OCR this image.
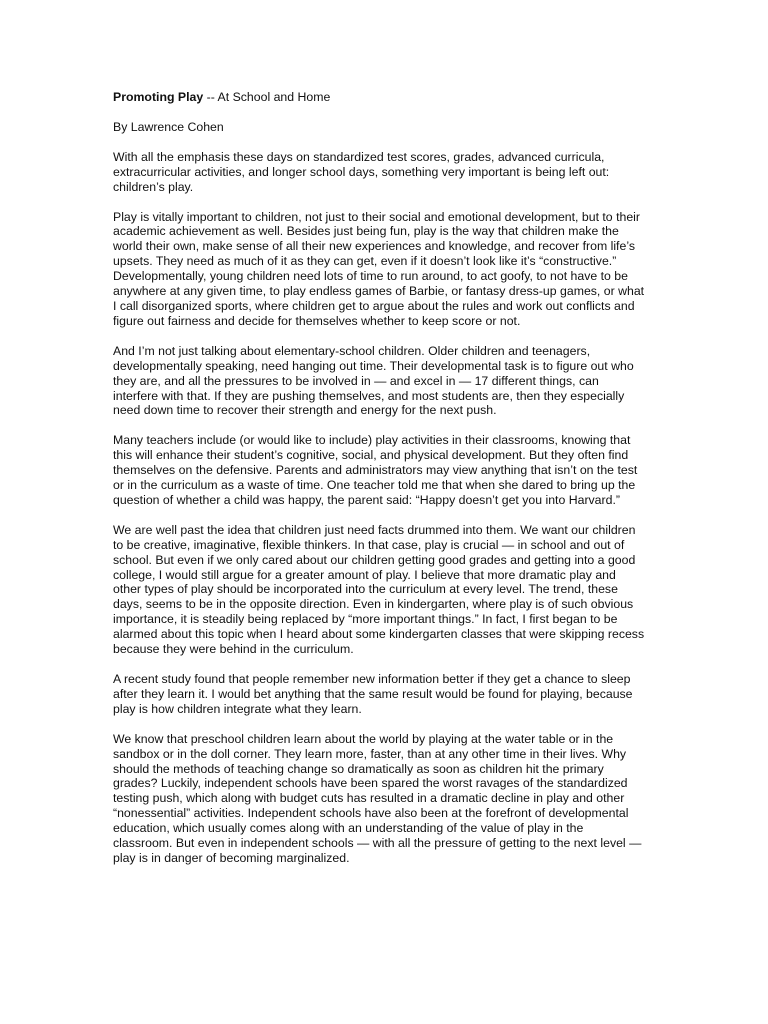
Promoting Play -- At School and Home
By Lawrence Cohen
With all the emphasis these days on standardized test scores, grades, advanced curricula,
extracurricular activities, and longer school days, something very important is being left out:
children’s play.
Play is vitally important to children, not just to their social and emotional development, but to their
academic achievement as well. Besides just being fun, play is the way that children make the
world their own, make sense of all their new experiences and knowledge, and recover from life’s
upsets. They need as much of it as they can get, even if it doesn’t look like it’s “constructive.”
Developmentally, young children need lots of time to run around, to act goofy, to not have to be
anywhere at any given time, to play endless games of Barbie, or fantasy dress-up games, or what
I call disorganized sports, where children get to argue about the rules and work out conflicts and
figure out fairness and decide for themselves whether to keep score or not.
And I’m not just talking about elementary-school children. Older children and teenagers,
developmentally speaking, need hanging out time. Their developmental task is to figure out who
they are, and all the pressures to be involved in — and excel in — 17 different things, can
interfere with that. If they are pushing themselves, and most students are, then they especially
need down time to recover their strength and energy for the next push.
Many teachers include (or would like to include) play activities in their classrooms, knowing that
this will enhance their student’s cognitive, social, and physical development. But they often find
themselves on the defensive. Parents and administrators may view anything that isn’t on the test
or in the curriculum as a waste of time. One teacher told me that when she dared to bring up the
question of whether a child was happy, the parent said: “Happy doesn’t get you into Harvard.”
We are well past the idea that children just need facts drummed into them. We want our children
to be creative, imaginative, flexible thinkers. In that case, play is crucial — in school and out of
school. But even if we only cared about our children getting good grades and getting into a good
college, I would still argue for a greater amount of play. I believe that more dramatic play and
other types of play should be incorporated into the curriculum at every level. The trend, these
days, seems to be in the opposite direction. Even in kindergarten, where play is of such obvious
importance, it is steadily being replaced by “more important things.” In fact, I first began to be
alarmed about this topic when I heard about some kindergarten classes that were skipping recess
because they were behind in the curriculum.
A recent study found that people remember new information better if they get a chance to sleep
after they learn it. I would bet anything that the same result would be found for playing, because
play is how children integrate what they learn.
We know that preschool children learn about the world by playing at the water table or in the
sandbox or in the doll corner. They learn more, faster, than at any other time in their lives. Why
should the methods of teaching change so dramatically as soon as children hit the primary
grades? Luckily, independent schools have been spared the worst ravages of the standardized
testing push, which along with budget cuts has resulted in a dramatic decline in play and other
“nonessential” activities. Independent schools have also been at the forefront of developmental
education, which usually comes along with an understanding of the value of play in the
classroom. But even in independent schools — with all the pressure of getting to the next level —
play is in danger of becoming marginalized.
